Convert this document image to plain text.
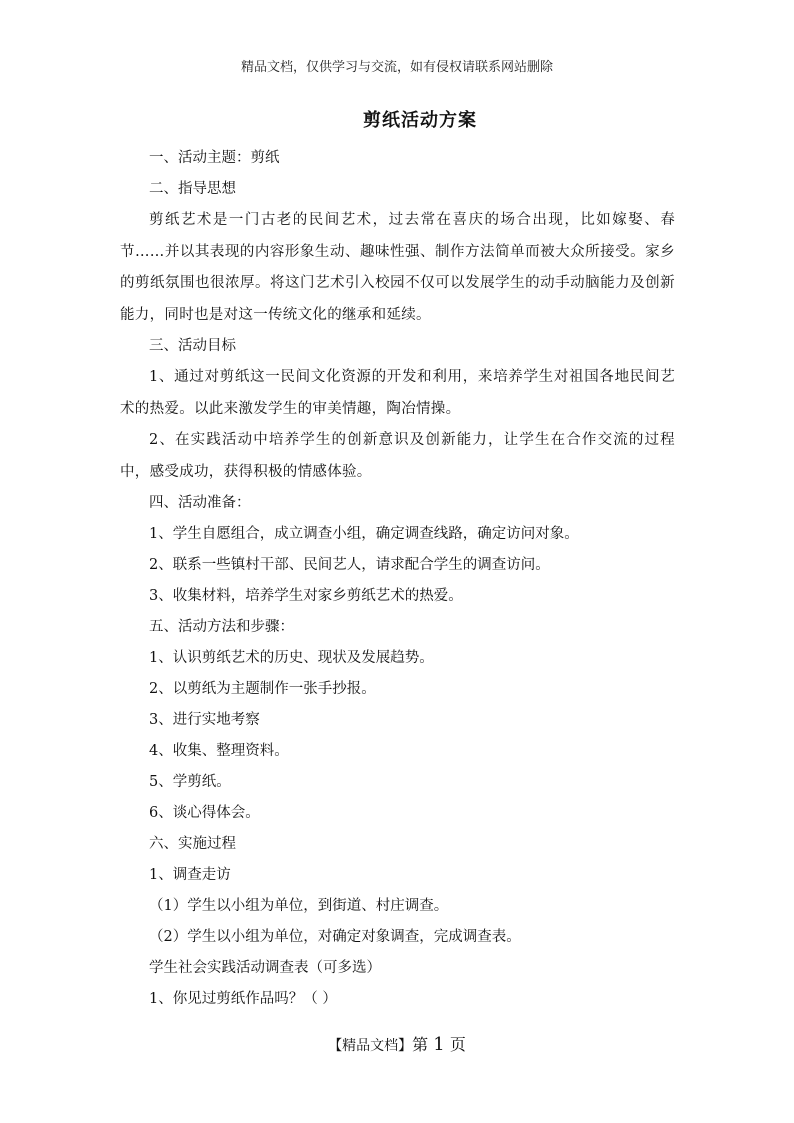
精品文档，仅供学习与交流，如有侵权请联系网站删除
剪纸活动方案

一、活动主题：剪纸

二、指导思想

剪纸艺术是一门古老的民间艺术，过去常在喜庆的场合出现，比如嫁娶、春节……并以其表现的内容形象生动、趣味性强、制作方法简单而被大众所接受。家乡的剪纸氛围也很浓厚。将这门艺术引入校园不仅可以发展学生的动手动脑能力及创新能力，同时也是对这一传统文化的继承和延续。

三、活动目标

1、通过对剪纸这一民间文化资源的开发和利用，来培养学生对祖国各地民间艺术的热爱。以此来激发学生的审美情趣，陶冶情操。

2、在实践活动中培养学生的创新意识及创新能力，让学生在合作交流的过程中，感受成功，获得积极的情感体验。

四、活动准备：

1、学生自愿组合，成立调查小组，确定调查线路，确定访问对象。

2、联系一些镇村干部、民间艺人，请求配合学生的调查访问。

3、收集材料，培养学生对家乡剪纸艺术的热爱。

五、活动方法和步骤：

1、认识剪纸艺术的历史、现状及发展趋势。

2、以剪纸为主题制作一张手抄报。

3、进行实地考察

4、收集、整理资料。

5、学剪纸。

6、谈心得体会。

六、实施过程

1、调查走访

（1）学生以小组为单位，到街道、村庄调查。

（2）学生以小组为单位，对确定对象调查，完成调查表。

学生社会实践活动调查表（可多选）

1、你见过剪纸作品吗？（ ）

【精品文档】第 1 页
